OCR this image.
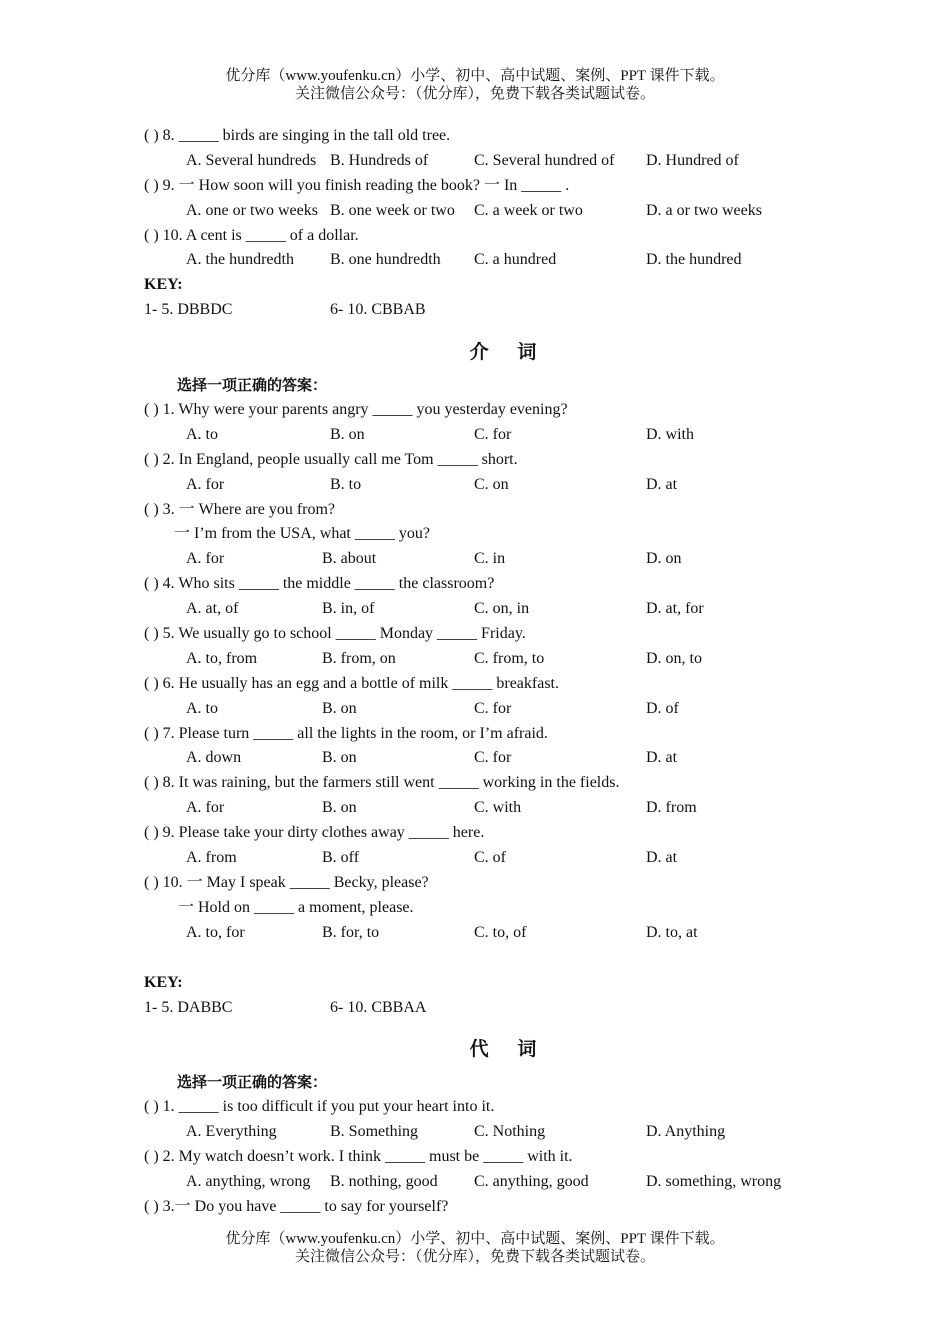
优分库（www.youfenku.cn）小学、初中、高中试题、案例、PPT 课件下载。
关注微信公众号：（优分库），免费下载各类试题试卷。
( ) 8. _____ birds are singing in the tall old tree.
A. Several hundreds B. Hundreds of	C. Several hundred of D. Hundred of
( ) 9. 一 How soon will you finish reading the book? 一 In _____ .
A. one or two weeks B. one week or two C. a week or two	D. a or two weeks
( ) 10. A cent is _____ of a dollar.
A. the hundredth B. one hundredth C. a hundred	D. the hundred
KEY:
1- 5. DBBDC	6- 10. CBBAB
介 词
选择一项正确的答案：
( ) 1. Why were your parents angry _____ you yesterday evening?
A. to	B. on	C. for	D. with
( ) 2. In England, people usually call me Tom _____ short.
A. for	B. to	C. on	D. at
( ) 3. 一 Where are you from?
一 I’m from the USA, what _____ you?
A. for	B. about	C. in	D. on
( ) 4. Who sits _____ the middle _____ the classroom?
A. at, of	B. in, of	C. on, in	D. at, for
( ) 5. We usually go to school _____ Monday _____ Friday.
A. to, from	B. from, on	C. from, to	D. on, to
( ) 6. He usually has an egg and a bottle of milk _____ breakfast.
A. to	B. on	C. for	D. of
( ) 7. Please turn _____ all the lights in the room, or I’m afraid.
A. down	B. on	C. for	D. at
( ) 8. It was raining, but the farmers still went _____ working in the fields.
A. for	B. on	C. with	D. from
( ) 9. Please take your dirty clothes away _____ here.
A. from	B. off	C. of	D. at
( ) 10. 一 May I speak _____ Becky, please?
一 Hold on _____ a moment, please.
A. to, for	B. for, to	C. to, of	D. to, at
KEY:
1- 5. DABBC	6- 10. CBBAA
代 词
选择一项正确的答案：
( ) 1. _____ is too difficult if you put your heart into it.
A. Everything	B. Something	C. Nothing	D. Anything
( ) 2. My watch doesn’t work. I think _____ must be _____ with it.
A. anything, wrong B. nothing, good C. anything, good	D. something, wrong
( ) 3.一 Do you have _____ to say for yourself?
优分库（www.youfenku.cn）小学、初中、高中试题、案例、PPT 课件下载。
关注微信公众号：（优分库），免费下载各类试题试卷。
